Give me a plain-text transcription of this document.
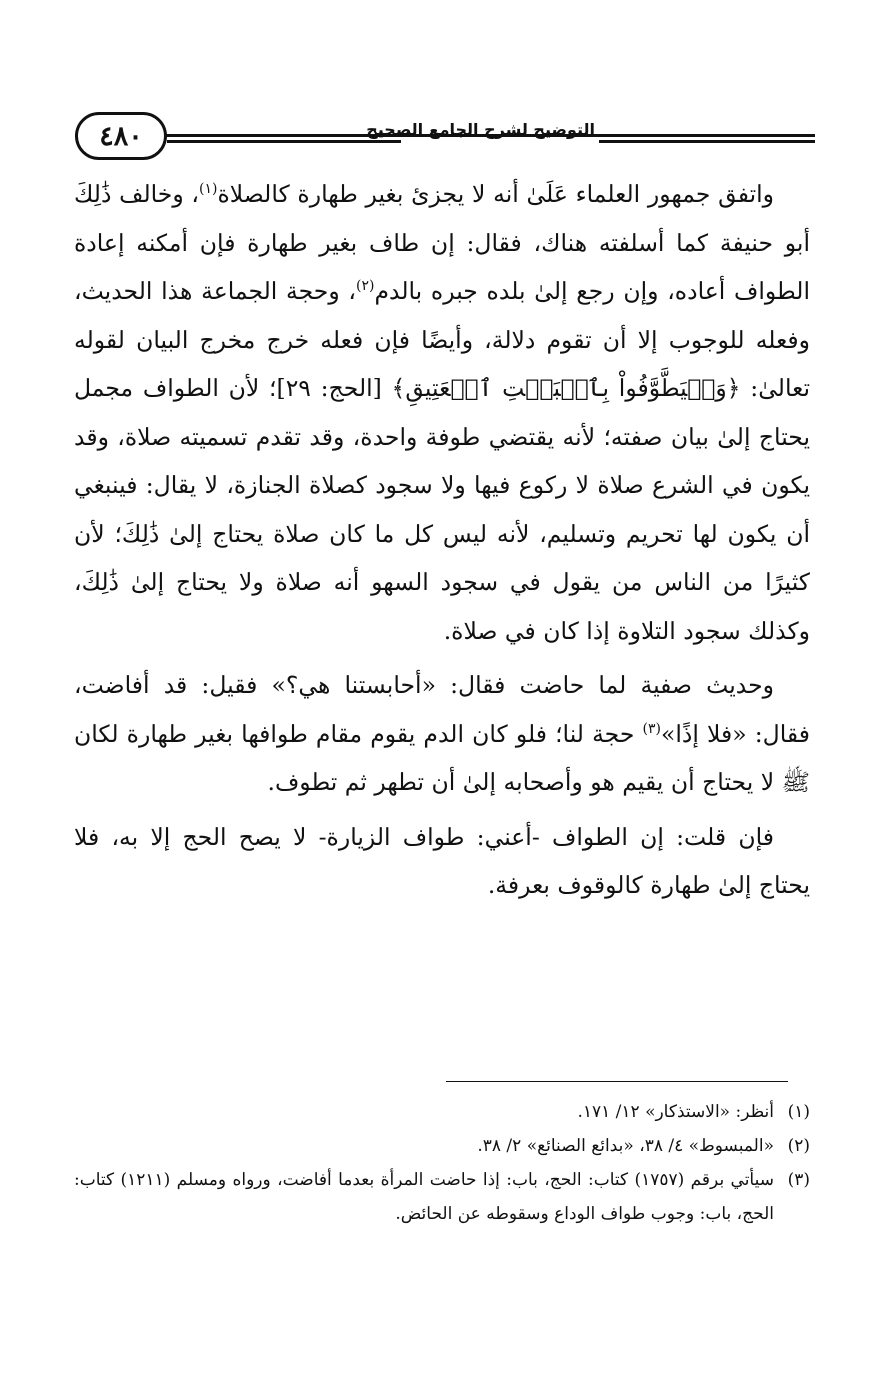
٤٨٠	التوضيح لشرح الجامع الصحيح

واتفق جمهور العلماء عَلَىٰ أنه لا يجزئ بغير طهارة كالصلاة$^{(١)}$، وخالف ذَٰلِكَ أبو حنيفة كما أسلفته هناك، فقال: إن طاف بغير طهارة فإن أمكنه إعادة الطواف أعاده، وإن رجع إلىٰ بلده جبره بالدم$^{(٢)}$، وحجة الجماعة هذا الحديث، وفعله للوجوب إلا أن تقوم دلالة، وأيضًا فإن فعله خرج مخرج البيان لقوله تعالىٰ: ﴿وَلۡيَطَّوَّفُواْ بِٱلۡبَيۡتِ ٱلۡعَتِيقِ﴾ [الحج: ٢٩]؛ لأن الطواف مجمل يحتاج إلىٰ بيان صفته؛ لأنه يقتضي طوفة واحدة، وقد تقدم تسميته صلاة، وقد يكون في الشرع صلاة لا ركوع فيها ولا سجود كصلاة الجنازة، لا يقال: فينبغي أن يكون لها تحريم وتسليم، لأنه ليس كل ما كان صلاة يحتاج إلىٰ ذَٰلِكَ؛ لأن كثيرًا من الناس من يقول في سجود السهو أنه صلاة ولا يحتاج إلىٰ ذَٰلِكَ، وكذلك سجود التلاوة إذا كان في صلاة.

وحديث صفية لما حاضت فقال: «أحابستنا هي؟» فقيل: قد أفاضت، فقال: «فلا إذًا»$^{(٣)}$ حجة لنا؛ فلو كان الدم يقوم مقام طوافها بغير طهارة لكان ﷺ لا يحتاج أن يقيم هو وأصحابه إلىٰ أن تطهر ثم تطوف.

فإن قلت: إن الطواف -أعني: طواف الزيارة- لا يصح الحج إلا به، فلا يحتاج إلىٰ طهارة كالوقوف بعرفة.

(١)
أنظر: «الاستذكار» ١٢/ ١٧١.
(٢)
«المبسوط» ٤/ ٣٨، «بدائع الصنائع» ٢/ ٣٨.
(٣)
سيأتي برقم (١٧٥٧) كتاب: الحج، باب: إذا حاضت المرأة بعدما أفاضت، ورواه ومسلم (١٢١١) كتاب: الحج، باب: وجوب طواف الوداع وسقوطه عن الحائض.
